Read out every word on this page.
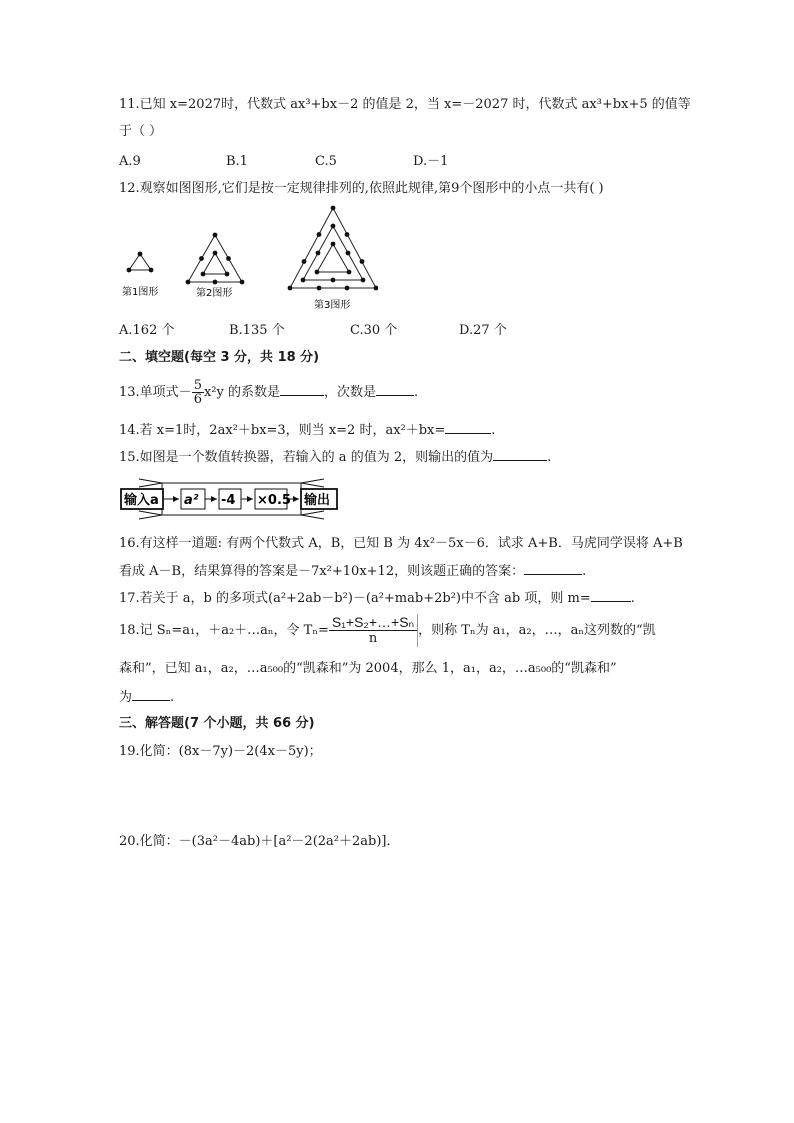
11.已知 x=2027时，代数式 ax³+bx－2 的值是 2，当 x=－2027 时，代数式 ax³+bx+5 的值等
于（ ）
A.9	B.1	C.5	D.－1
12.观察如图图形,它们是按一定规律排列的,依照此规律,第9个图形中的小点一共有( )
第1图形	第2图形
第3图形
A.162 个	B.135 个	C.30 个	D.27 个
二、填空题(每空 3 分，共 18 分)
13.单项式－ $\frac{5}{6} x^2y$ 的系数是	，次数是	.
14.若 x=1时，2ax²＋bx=3，则当 x=2 时，ax²＋bx=	.
15.如图是一个数值转换器，若输入的 a 的值为 2，则输出的值为	.
输入a a² -4 ×0.5 输出
16.有这样一道题: 有两个代数式 A，B，已知 B 为 4x²－5x－6．试求 A+B．马虎同学误将 A+B
看成 A－B，结果算得的答案是－7x²+10x+12，则该题正确的答案：	.
17.若关于 a，b 的多项式(a²+2ab－b²)－(a²+mab+2b²)中不含 ab 项，则 m=	.
18.记 Sₙ=a₁，＋a₂＋…aₙ，令 $T_n= \frac{\text{S₁+S₂+…+Sₙ}}{n}$ ，则称 Tₙ为 a₁，a₂，…，aₙ这列数的“凯
森和”，已知 a₁，a₂，…a₅₀₀的“凯森和”为 2004，那么 1，a₁，a₂，…a₅₀₀的“凯森和”
为	.
三、解答题(7 个小题，共 66 分)
19.化简：(8x－7y)－2(4x－5y)；
20.化简：－(3a²－4ab)＋[a²－2(2a²＋2ab)]．
